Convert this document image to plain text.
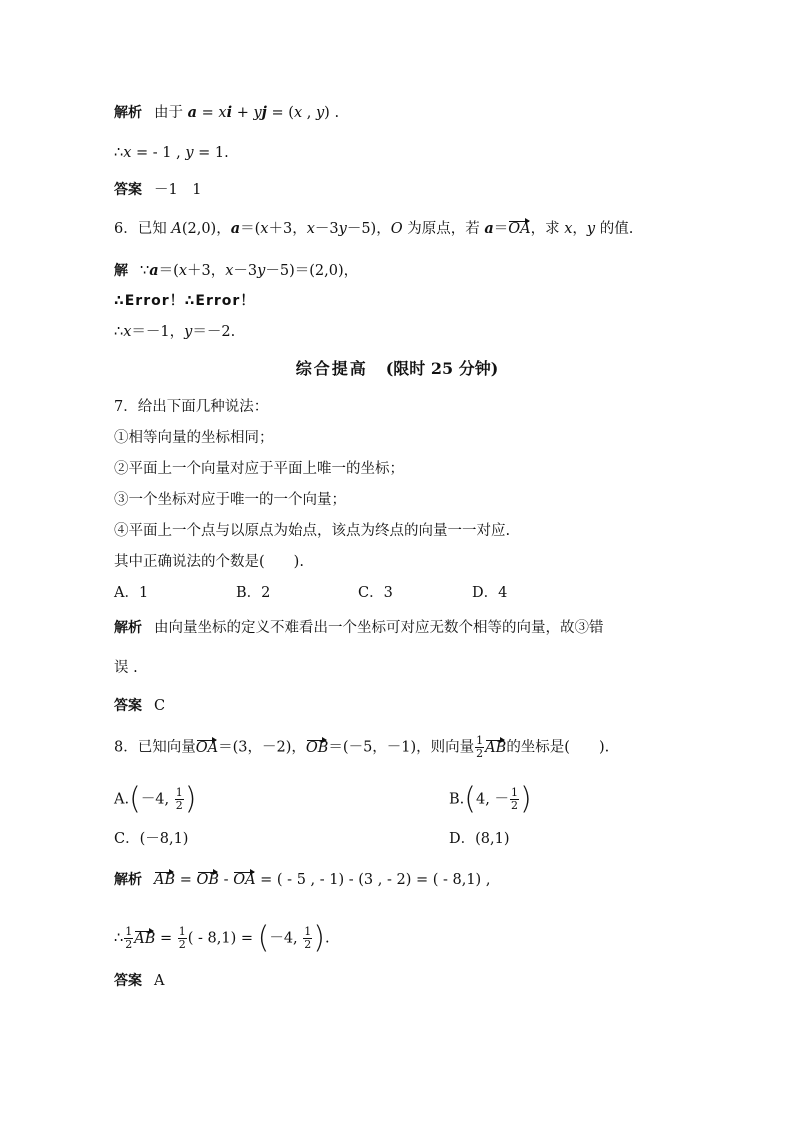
解析 由于 a = xi + yj = (x , y) .
∴x = ‐ 1 , y = 1.
答案 －1　1
6．已知 A(2,0)，a＝(x＋3，x－3y－5)，O 为原点，若 a＝OA，求 x，y 的值.
解 ∵a＝(x＋3，x－3y－5)＝(2,0)，
∴Error！∴Error！
∴x＝－1，y＝－2.
综合提高 (限时 25 分钟)
7．给出下面几种说法：
①相等向量的坐标相同；
②平面上一个向量对应于平面上唯一的坐标；
③一个坐标对应于唯一的一个向量；
④平面上一个点与以原点为始点，该点为终点的向量一一对应.
其中正确说法的个数是(　　).
A．1	B．2	C．3	D．4
解析 由向量坐标的定义不难看出一个坐标可对应无数个相等的向量，故③错
误 .
答案 C
8．已知向量OA＝(3，－2)，OB＝(－5，－1)，则向量 $\frac{1}{2}$ AB的坐标是(　　).
A.(－4, $\frac{1}{2}$ )	B.(4, － $\frac{1}{2}$ )
C．(－8,1)	D．(8,1)
解析 AB = OB ‐ OA = ( ‐ 5 , ‐ 1) ‐ (3 , ‐ 2) = ( ‐ 8,1) ,
∴ $\frac{1}{2}$ AB = $\frac{1}{2}$ ( ‐ 8,1) = (－4, $\frac{1}{2}$ ).
答案 A
